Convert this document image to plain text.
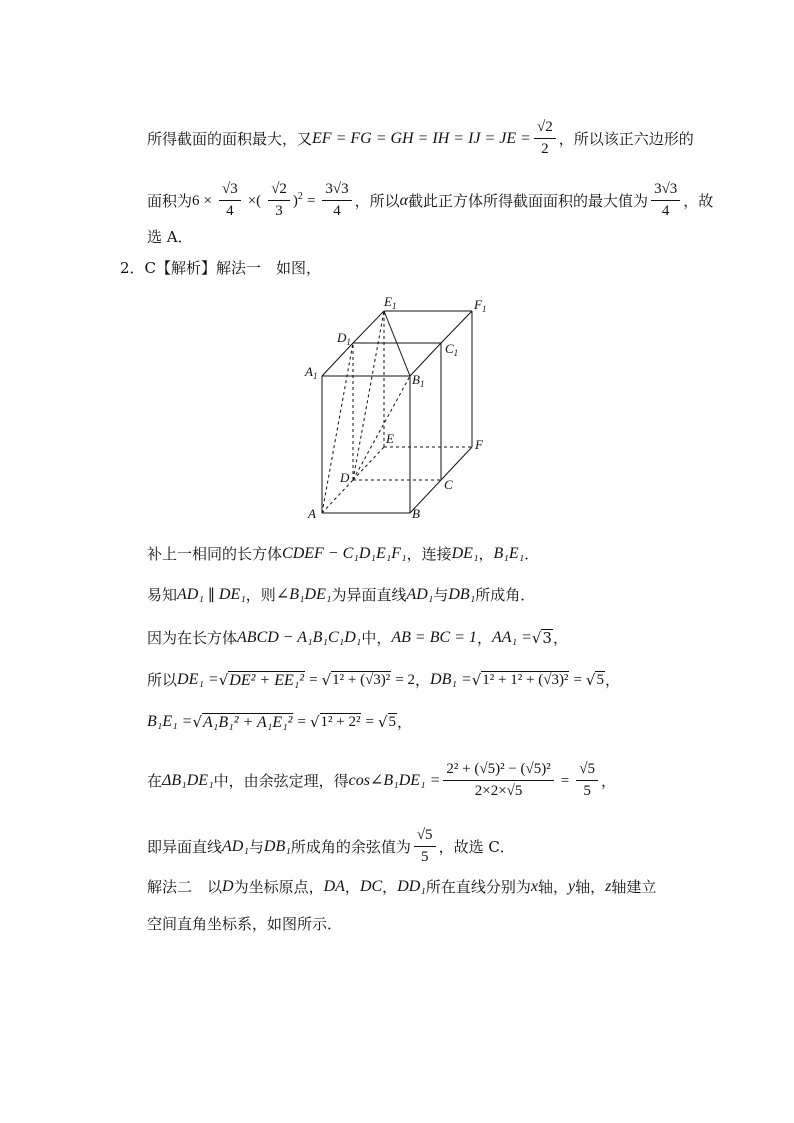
所得截面的面积最大，又 EF = FG = GH = IH = IJ = JE = $\frac{√2}{2}$ ，所以该正六边形的
面积为 $6 \times \frac{√3}{4}$ ×( $\frac{√2}{3} )^2 = \frac{3√3}{4}$ ，所以 α 截此正方体所得截面面积的最大值为 $\frac{3√3}{4}$ ，故
选 A．
2．C【解析】解法一　如图，
$E_1$	$F_1$
$D_1$	$C_1$
$A_1$	$B_1$
E	F
D	C
A	B
补上一相同的长方体 CDEF − C₁D₁E₁F₁ ，连接 DE₁ ， B₁E₁ ．
易知 AD₁ ∥ DE₁ ，则 ∠B₁DE₁ 为异面直线 AD₁ 与 DB₁ 所成角．
因为在长方体 ABCD − A₁B₁C₁D₁ 中， AB = BC = 1 ， AA₁ = √ 3 ，
所以 DE₁ = √ DE² + EE₁² = √ 1² + (√3)² = 2 ， DB₁ = √ 1² + 1² + (√3)² = √ 5 ，
B₁E₁ = √ A₁B₁² + A₁E₁² = √ 1² + 2² = √ 5 ，
在 ΔB₁DE₁ 中，由余弦定理，得 cos∠B₁DE₁ = $\frac{\text{2² + (√5)² − (√5)²}}{2\times 2\times√5} = \frac{√5}{5}$ ，
即异面直线 AD₁ 与 DB₁ 所成角的余弦值为 $\frac{√5}{5}$ ，故选 C．
解法二　以 D 为坐标原点， DA ， DC ， DD₁ 所在直线分别为 x 轴， y 轴， z 轴建立
空间直角坐标系，如图所示．
